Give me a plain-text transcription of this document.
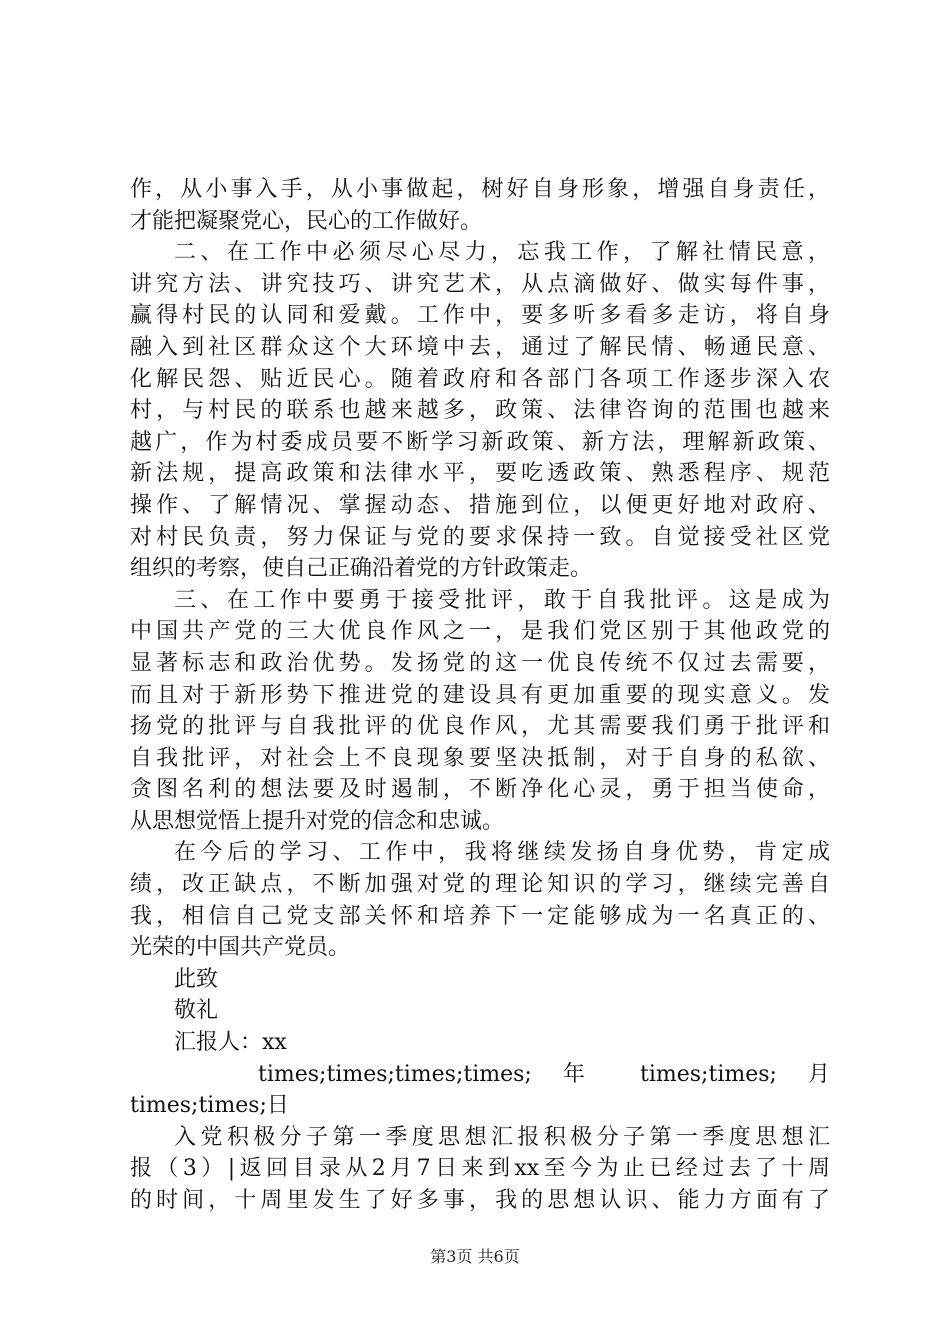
作，从小事入手，从小事做起，树好自身形象，增强自身责任，
才能把凝聚党心，民心的工作做好。
二、在工作中必须尽心尽力，忘我工作，了解社情民意，
讲究方法、讲究技巧、讲究艺术，从点滴做好、做实每件事，
赢得村民的认同和爱戴。工作中，要多听多看多走访，将自身
融入到社区群众这个大环境中去，通过了解民情、畅通民意、
化解民怨、贴近民心。随着政府和各部门各项工作逐步深入农
村，与村民的联系也越来越多，政策、法律咨询的范围也越来
越广，作为村委成员要不断学习新政策、新方法，理解新政策、
新法规，提高政策和法律水平，要吃透政策、熟悉程序、规范
操作、了解情况、掌握动态、措施到位，以便更好地对政府、
对村民负责，努力保证与党的要求保持一致。自觉接受社区党
组织的考察，使自己正确沿着党的方针政策走。
三、在工作中要勇于接受批评，敢于自我批评。这是成为
中国共产党的三大优良作风之一，是我们党区别于其他政党的
显著标志和政治优势。发扬党的这一优良传统不仅过去需要，
而且对于新形势下推进党的建设具有更加重要的现实意义。发
扬党的批评与自我批评的优良作风，尤其需要我们勇于批评和
自我批评，对社会上不良现象要坚决抵制，对于自身的私欲、
贪图名利的想法要及时遏制，不断净化心灵，勇于担当使命，
从思想觉悟上提升对党的信念和忠诚。
在今后的学习、工作中，我将继续发扬自身优势，肯定成
绩，改正缺点，不断加强对党的理论知识的学习，继续完善自
我，相信自己党支部关怀和培养下一定能够成为一名真正的、
光荣的中国共产党员。
此致
敬礼
汇报人：xx
times;times;times;times; 年 times;times; 月
times;times;日
入党积极分子第一季度思想汇报积极分子第一季度思想汇
报（3）|返回目录从2月7日来到xx至今为止已经过去了十周
的时间，十周里发生了好多事，我的思想认识、能力方面有了
第3页 共6页
